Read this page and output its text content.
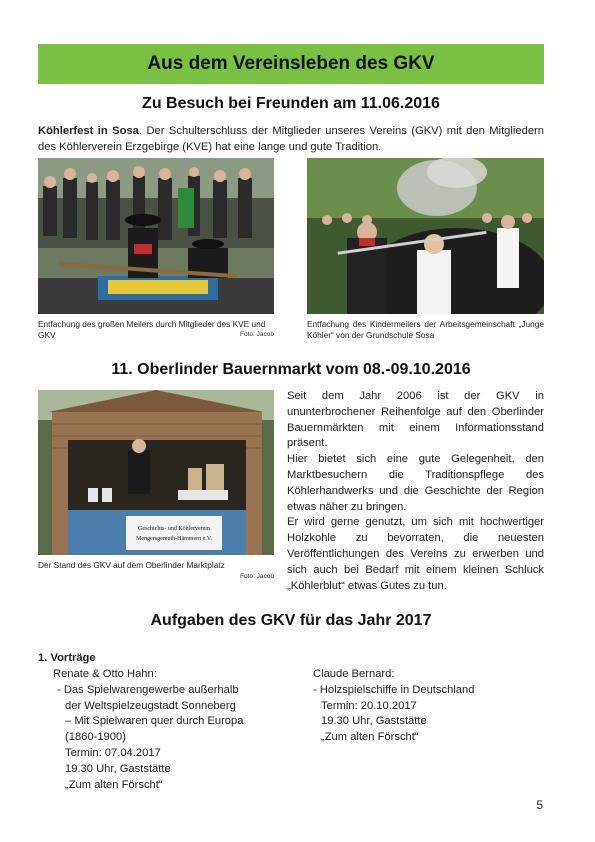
Aus dem Vereinsleben des GKV
Zu Besuch bei Freunden am 11.06.2016
Köhlerfest in Sosa. Der Schulterschluss der Mitglieder unseres Vereins (GKV) mit den Mitgliedern des Köhlerverein Erzgebirge (KVE) hat eine lange und gute Tradition.
Entfachung des großen Meilers durch Mitglieder des KVE und GKV	Foto: Jacob
Entfachung des Kindermeilers der Arbeitsgemeinschaft „Junge Köhler“ von der Grundschule Sosa
11. Oberlinder Bauernmarkt vom 08.-09.10.2016
Geschichts- und Köhlerverein
Mengersgereuth-Hämmern e.V.
Der Stand des GKV auf dem Oberlinder Marktplatz
Foto: Jacob
Seit dem Jahr 2006 ist der GKV in ununterbrochener Reihenfolge auf den Oberlinder Bauernmärkten mit einem Informationsstand präsent.
Hier bietet sich eine gute Gelegenheit, den Marktbesuchern die Traditionspflege des Köhlerhandwerks und die Geschichte der Region etwas näher zu bringen.
Er wird gerne genutzt, um sich mit hochwertiger Holzkohle zu bevorraten, die neuesten Veröffentlichungen des Vereins zu erwerben und sich auch bei Bedarf mit einem kleinen Schluck „Köhlerblut“ etwas Gutes zu tun.
Aufgaben des GKV für das Jahr 2017
1. Vorträge
Renate & Otto Hahn:
- Das Spielwarengewerbe außerhalb
der Weltspielzeugstadt Sonneberg
– Mit Spielwaren quer durch Europa
(1860-1900)
Termin: 07.04.2017
19.30 Uhr, Gaststätte
„Zum alten Förscht“
Claude Bernard:
- Holzspielschiffe in Deutschland
Termin: 20.10.2017
19.30 Uhr, Gaststätte
„Zum alten Förscht“
5
